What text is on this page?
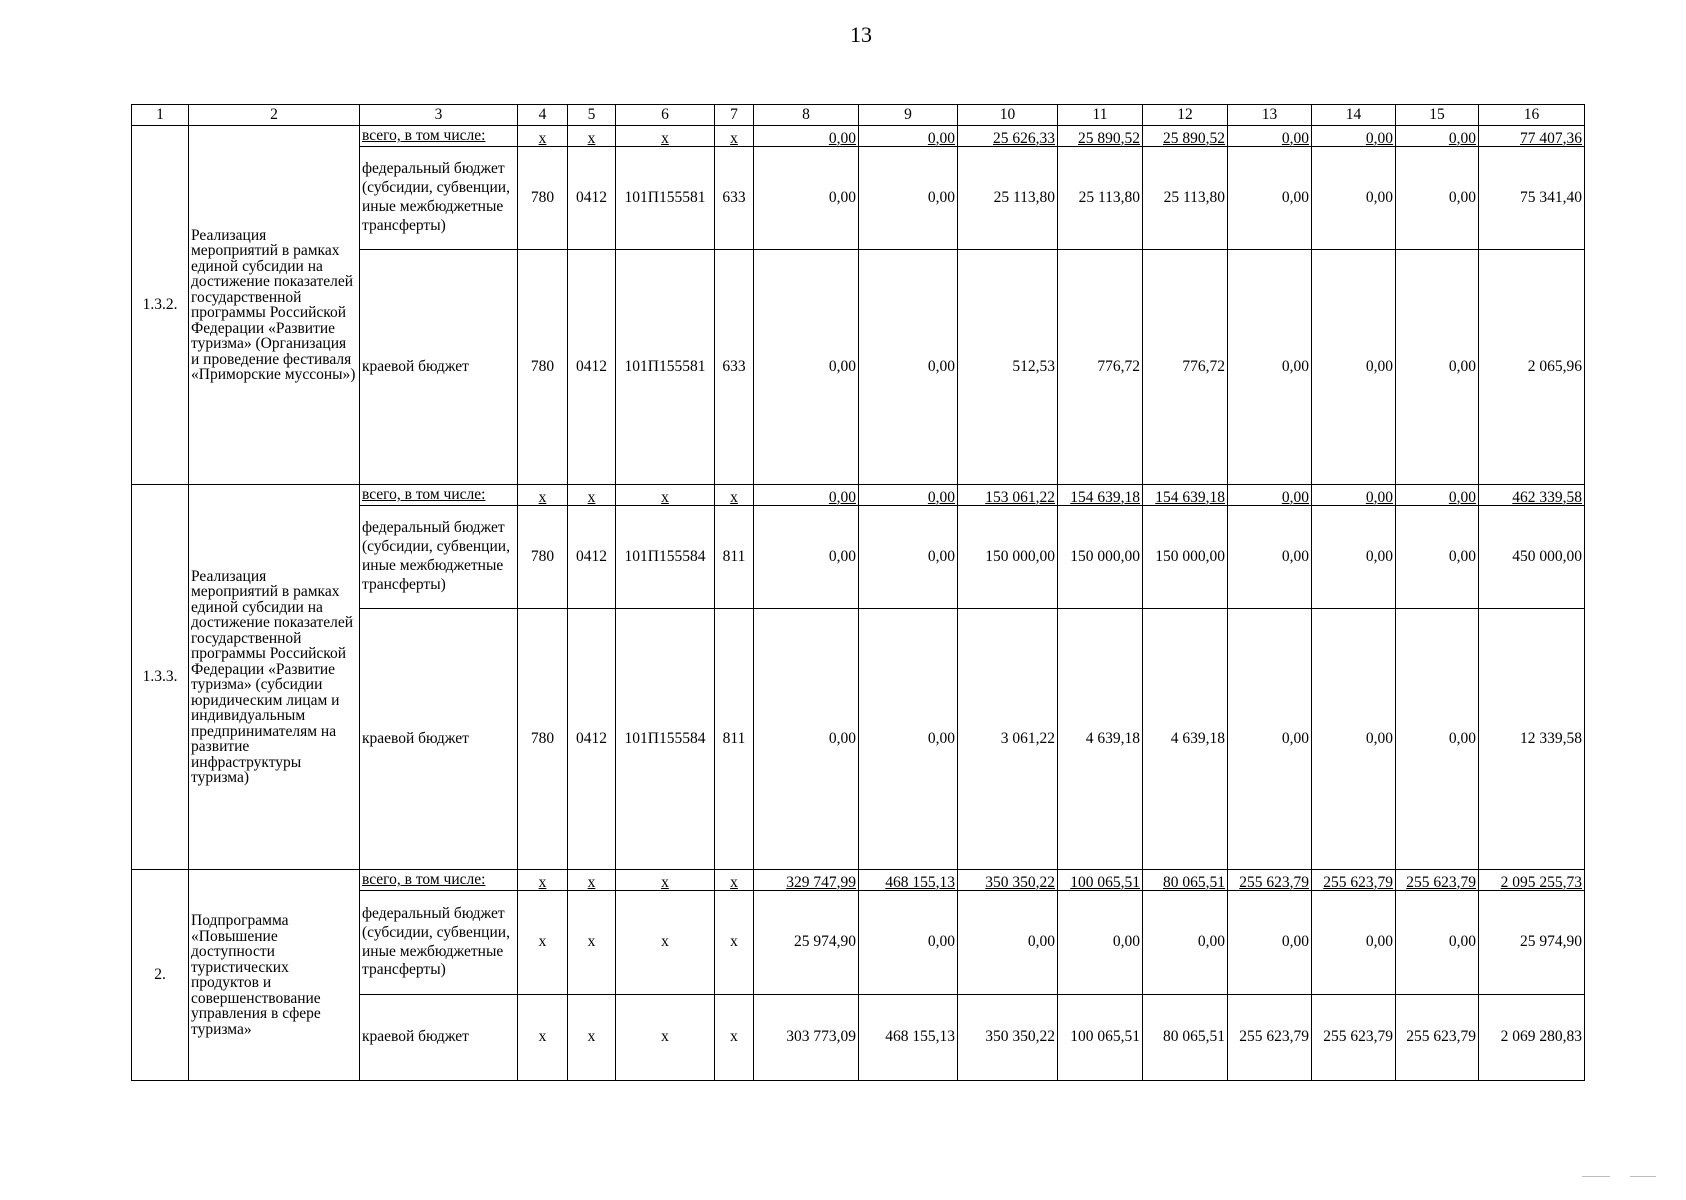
13
1	2	3	4	5	6	7	8	9	10	11	12	13	14	15	16
1.3.2.	Реализация мероприятий в рамках единой субсидии на достижение показателей государственной программы Российской Федерации «Развитие туризма» (Организация и проведение фестиваля «Приморские муссоны»)	всего, в том числе:	x	x	x	x	0,00	0,00	25 626,33	25 890,52	25 890,52	0,00	0,00	0,00	77 407,36
		федеральный бюджет (субсидии, субвенции, иные межбюджетные трансферты)	780	0412	101П155581	633	0,00	0,00	25 113,80	25 113,80	25 113,80	0,00	0,00	0,00	75 341,40
		краевой бюджет	780	0412	101П155581	633	0,00	0,00	512,53	776,72	776,72	0,00	0,00	0,00	2 065,96
1.3.3.	Реализация мероприятий в рамках единой субсидии на достижение показателей государственной программы Российской Федерации «Развитие туризма» (субсидии юридическим лицам и индивидуальным предпринимателям на развитие инфраструктуры туризма)	всего, в том числе:	x	x	x	x	0,00	0,00	153 061,22	154 639,18	154 639,18	0,00	0,00	0,00	462 339,58
		федеральный бюджет (субсидии, субвенции, иные межбюджетные трансферты)	780	0412	101П155584	811	0,00	0,00	150 000,00	150 000,00	150 000,00	0,00	0,00	0,00	450 000,00
		краевой бюджет	780	0412	101П155584	811	0,00	0,00	3 061,22	4 639,18	4 639,18	0,00	0,00	0,00	12 339,58
2.	Подпрограмма «Повышение доступности туристических продуктов и совершенствование управления в сфере туризма»	всего, в том числе:	x	x	x	x	329 747,99	468 155,13	350 350,22	100 065,51	80 065,51	255 623,79	255 623,79	255 623,79	2 095 255,73
		федеральный бюджет (субсидии, субвенции, иные межбюджетные трансферты)	x	x	x	x	25 974,90	0,00	0,00	0,00	0,00	0,00	0,00	0,00	25 974,90
		краевой бюджет	x	x	x	x	303 773,09	468 155,13	350 350,22	100 065,51	80 065,51	255 623,79	255 623,79	255 623,79	2 069 280,83
